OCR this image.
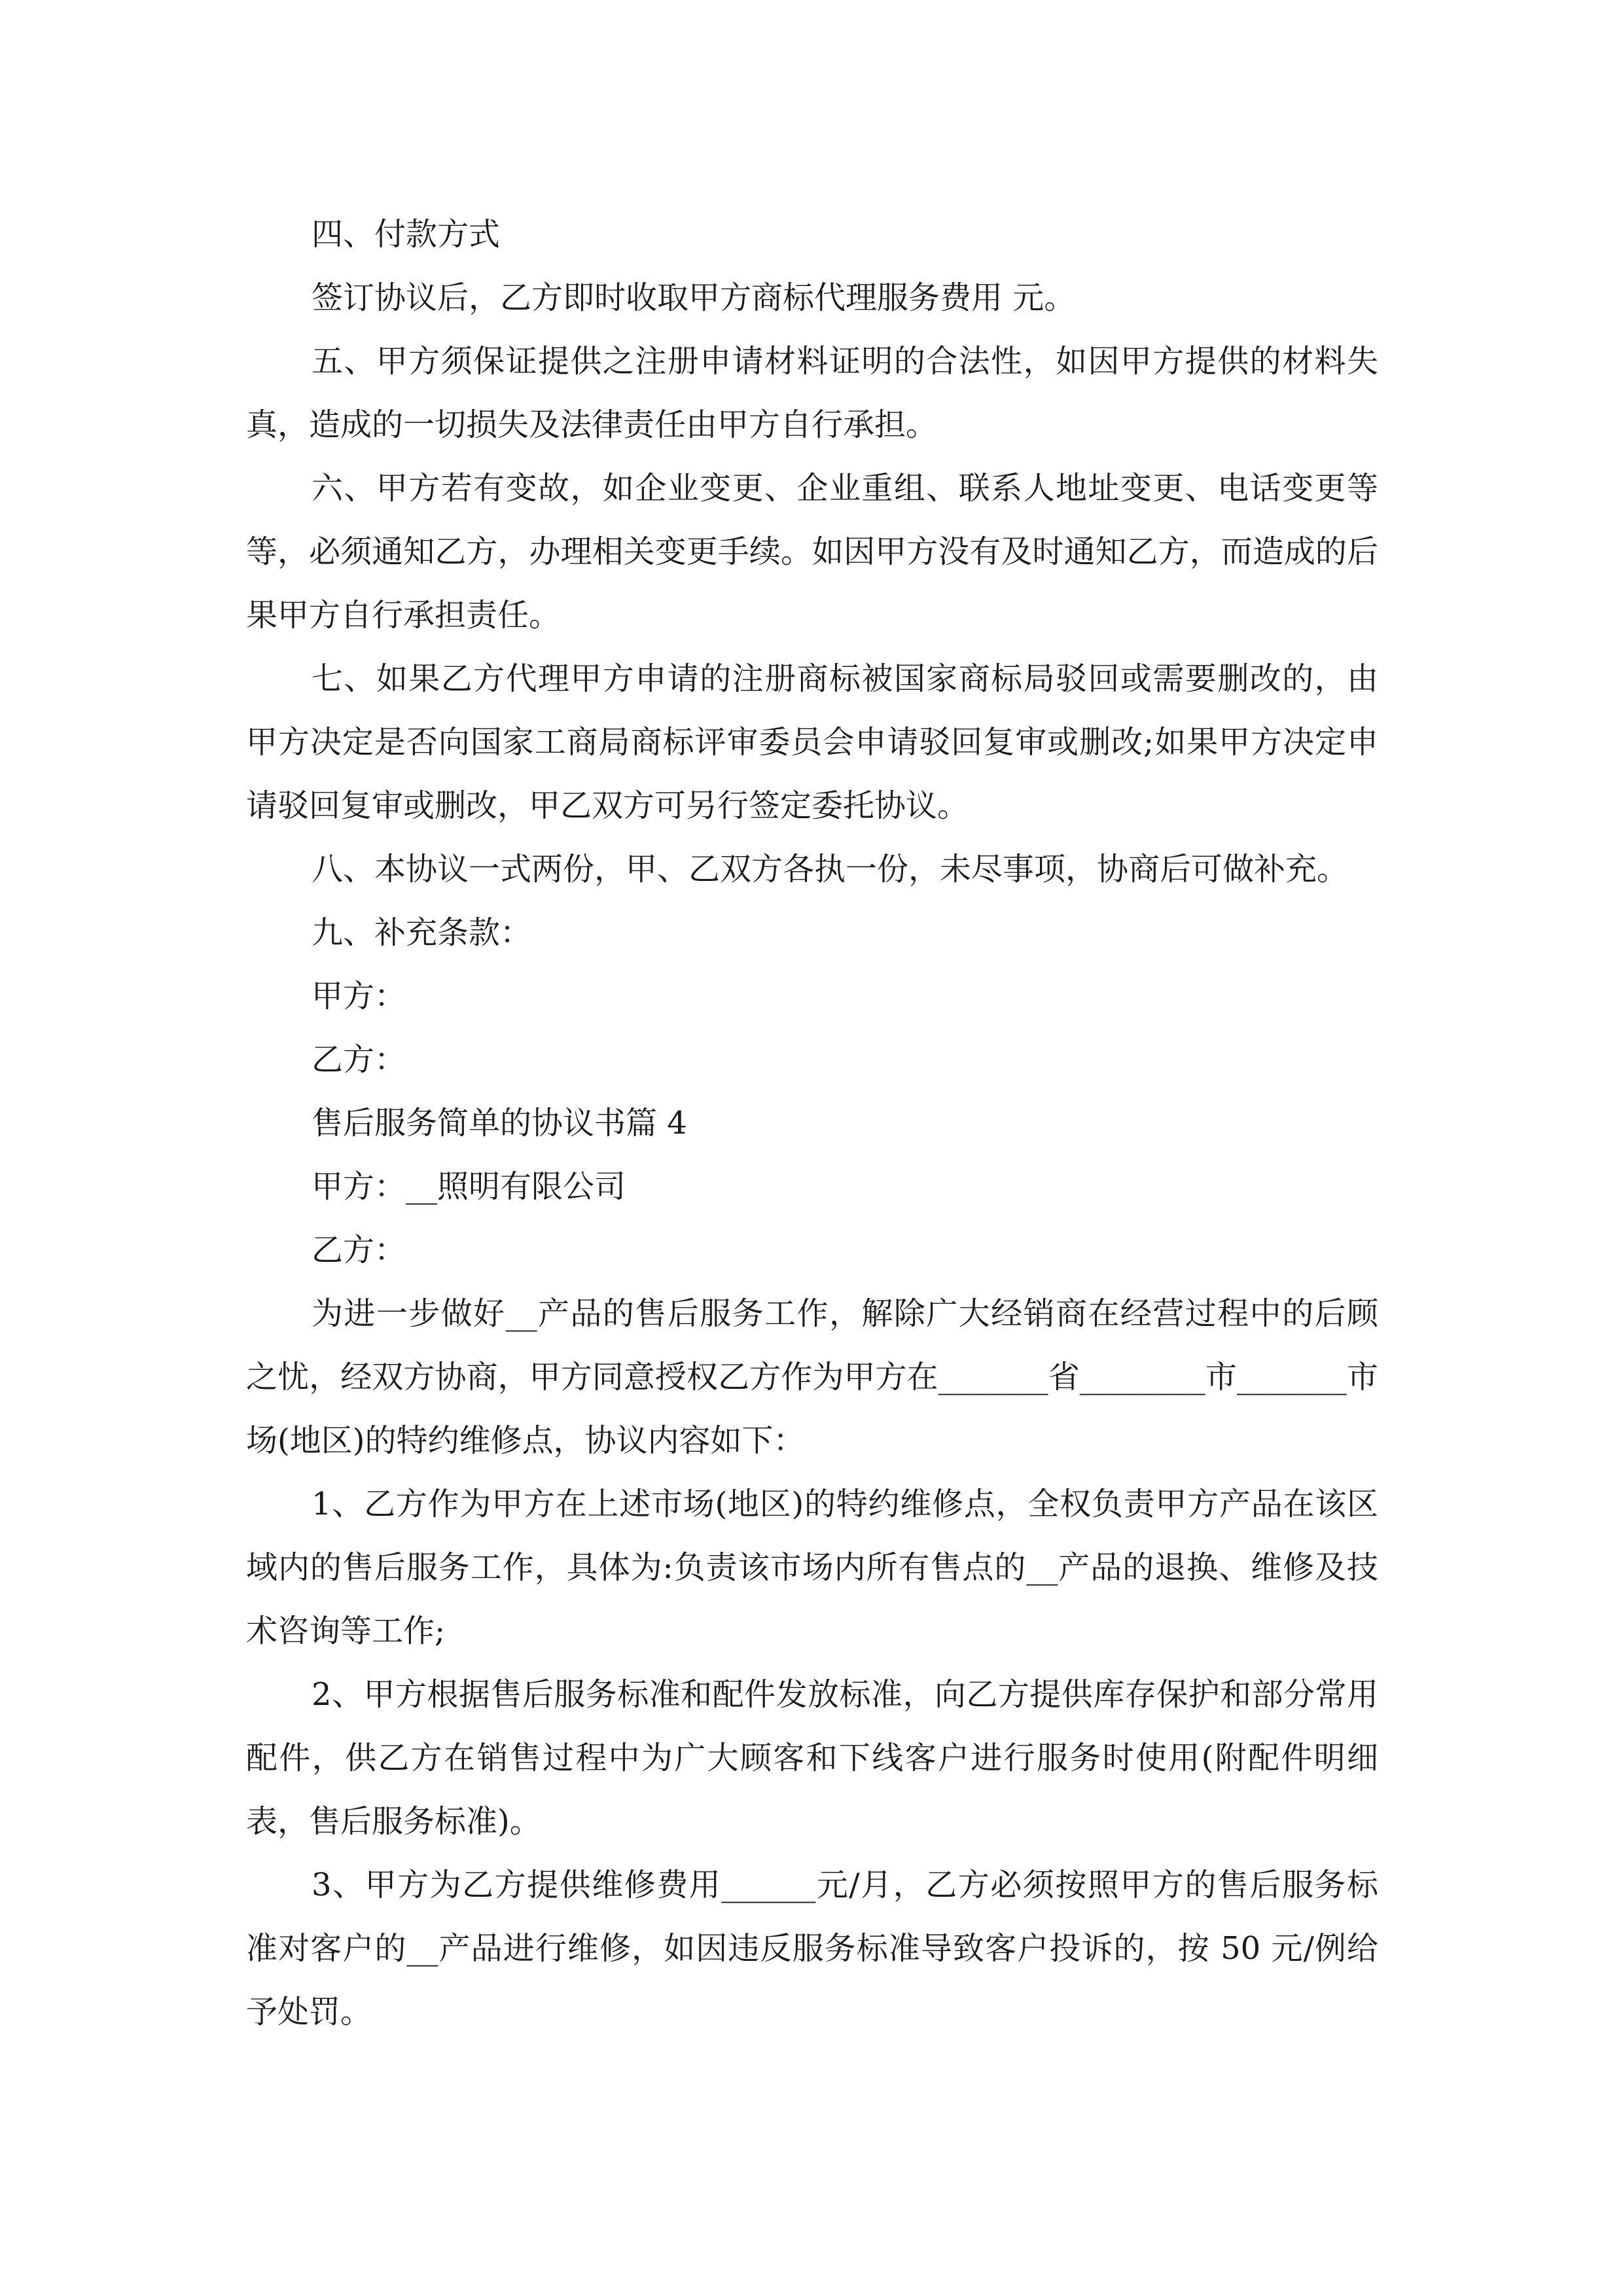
四、付款方式

签订协议后，乙方即时收取甲方商标代理服务费用 元。

五、甲方须保证提供之注册申请材料证明的合法性，如因甲方提供的材料失真，造成的一切损失及法律责任由甲方自行承担。

六、甲方若有变故，如企业变更、企业重组、联系人地址变更、电话变更等等，必须通知乙方，办理相关变更手续。如因甲方没有及时通知乙方，而造成的后果甲方自行承担责任。

七、如果乙方代理甲方申请的注册商标被国家商标局驳回或需要删改的，由甲方决定是否向国家工商局商标评审委员会申请驳回复审或删改;如果甲方决定申请驳回复审或删改，甲乙双方可另行签定委托协议。

八、本协议一式两份，甲、乙双方各执一份，未尽事项，协商后可做补充。

九、补充条款：

甲方：

乙方：

售后服务简单的协议书篇 4

甲方：__照明有限公司

乙方：

为进一步做好__产品的售后服务工作，解除广大经销商在经营过程中的后顾之忧，经双方协商，甲方同意授权乙方作为甲方在_______省________市_______市场(地区)的特约维修点，协议内容如下：

1、乙方作为甲方在上述市场(地区)的特约维修点，全权负责甲方产品在该区域内的售后服务工作，具体为:负责该市场内所有售点的__产品的退换、维修及技术咨询等工作;

2、甲方根据售后服务标准和配件发放标准，向乙方提供库存保护和部分常用配件，供乙方在销售过程中为广大顾客和下线客户进行服务时使用(附配件明细表，售后服务标准)。

3、甲方为乙方提供维修费用______元/月，乙方必须按照甲方的售后服务标准对客户的__产品进行维修，如因违反服务标准导致客户投诉的，按 50 元/例给予处罚。
